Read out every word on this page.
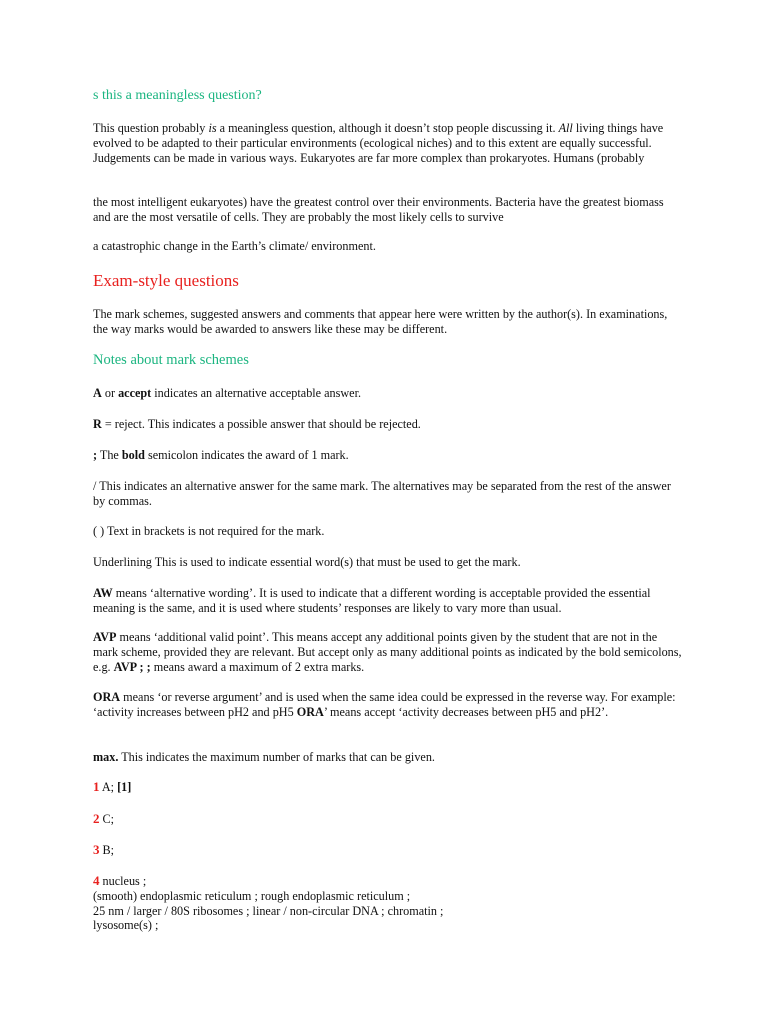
s this a meaningless question?

This question probably is a meaningless question, although it doesn’t stop people discussing it. All living things have evolved to be adapted to their particular environments (ecological niches) and to this extent are equally successful. Judgements can be made in various ways. Eukaryotes are far more complex than prokaryotes. Humans (probably

the most intelligent eukaryotes) have the greatest control over their environments. Bacteria have the greatest biomass and are the most versatile of cells. They are probably the most likely cells to survive

a catastrophic change in the Earth’s climate/ environment.

Exam-style questions

The mark schemes, suggested answers and comments that appear here were written by the author(s). In examinations, the way marks would be awarded to answers like these may be different.

Notes about mark schemes

A or accept indicates an alternative acceptable answer.

R = reject. This indicates a possible answer that should be rejected.

; The bold semicolon indicates the award of 1 mark.

/ This indicates an alternative answer for the same mark. The alternatives may be separated from the rest of the answer by commas.

( ) Text in brackets is not required for the mark.

Underlining This is used to indicate essential word(s) that must be used to get the mark.

AW means ‘alternative wording’. It is used to indicate that a different wording is acceptable provided the essential meaning is the same, and it is used where students’ responses are likely to vary more than usual.

AVP means ‘additional valid point’. This means accept any additional points given by the student that are not in the mark scheme, provided they are relevant. But accept only as many additional points as indicated by the bold semicolons, e.g. AVP ; ; means award a maximum of 2 extra marks.

ORA means ‘or reverse argument’ and is used when the same idea could be expressed in the reverse way. For example: ‘activity increases between pH2 and pH5 ORA’ means accept ‘activity decreases between pH5 and pH2’.

max. This indicates the maximum number of marks that can be given.

1 A; [1]

2 C;

3 B;

4 nucleus ;
(smooth) endoplasmic reticulum ; rough endoplasmic reticulum ;
25 nm / larger / 80S ribosomes ; linear / non-circular DNA ; chromatin ;
lysosome(s) ;
